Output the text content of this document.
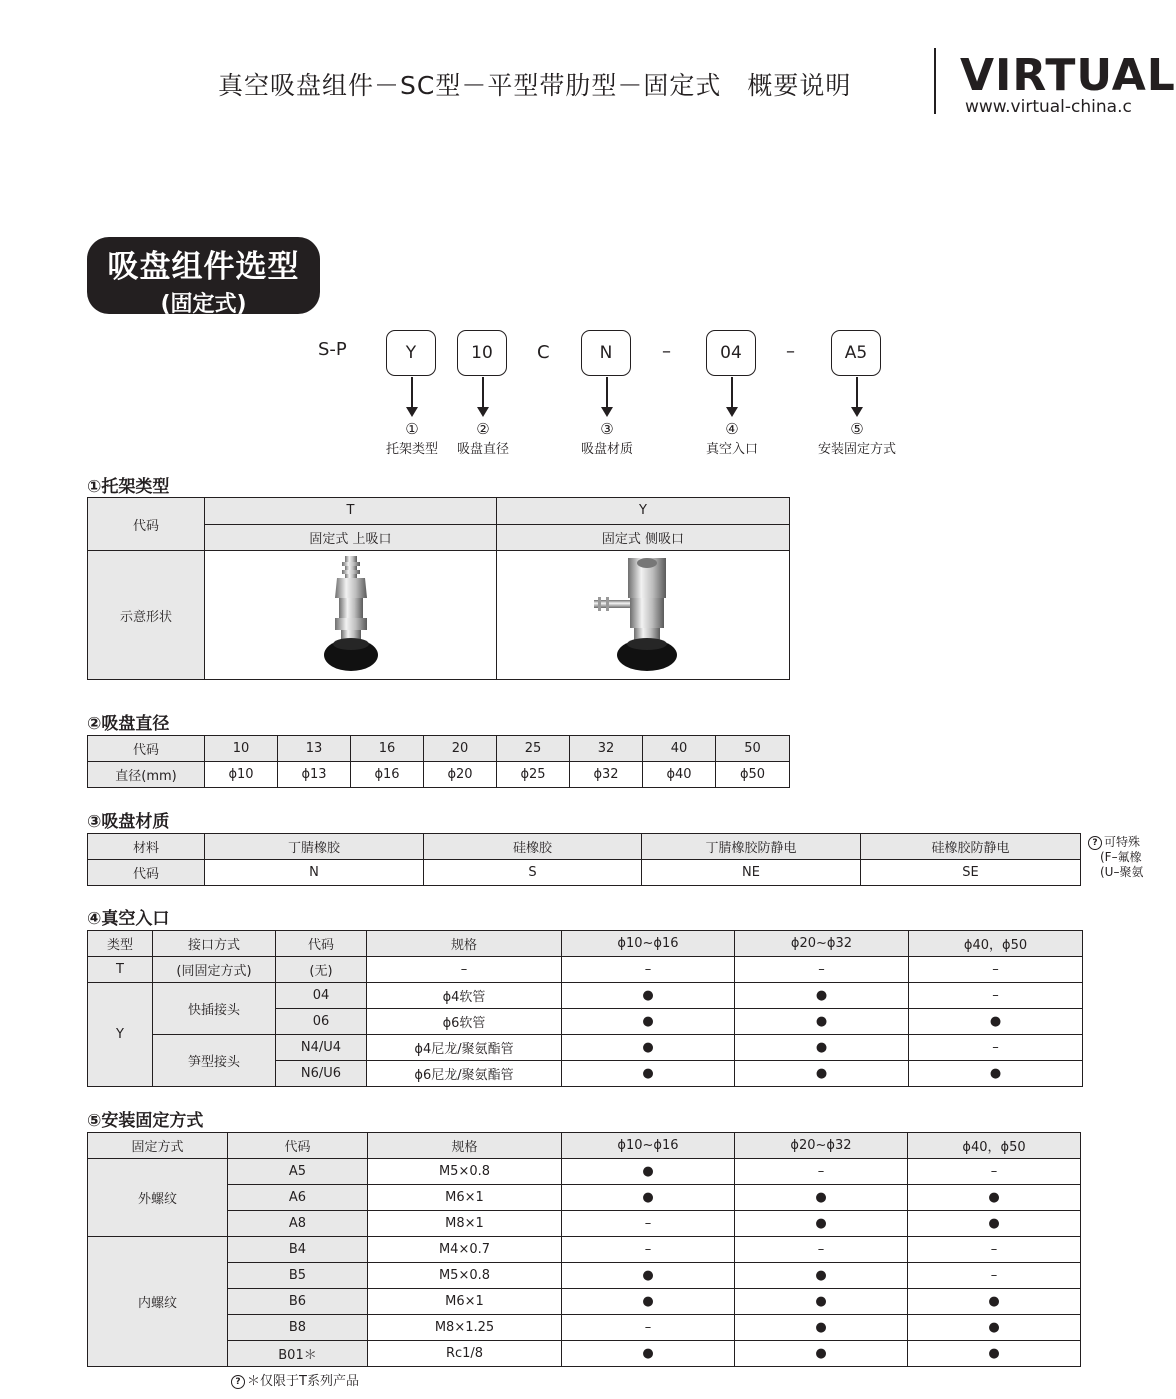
真空吸盘组件－SC型－平型带肋型－固定式　概要说明 VIRTUAL
www.virtual-china.c
吸盘组件选型
(固定式)
S-P	Y	10	C	N	–	04	–	A5
①	②	③	④	⑤
托架类型	吸盘直径	吸盘材质	真空入口	安装固定方式
①托架类型
代码	T	Y
	固定式 上吸口	固定式 侧吸口
示意形状		
②吸盘直径
代码	10	13	16	20	25	32	40	50
直径(mm)	ϕ10	ϕ13	ϕ16	ϕ20	ϕ25	ϕ32	ϕ40	ϕ50
③吸盘材质
材料	丁腈橡胶	硅橡胶	丁腈橡胶防静电	硅橡胶防静电
代码	N	S	NE	SE
? 可特殊
(F–氟橡
(U–聚氨
④真空入口
类型	接口方式	代码	规格	ϕ10~ϕ16	ϕ20~ϕ32	ϕ40，ϕ50
T	(同固定方式)	(无)	–	–	–	–
Y	快插接头	04	ϕ4软管	●	●	–
		06	ϕ6软管	●	●	●
	笋型接头	N4/U4	ϕ4尼龙/聚氨酯管	●	●	–
		N6/U6	ϕ6尼龙/聚氨酯管	●	●	●
⑤安装固定方式
固定方式	代码	规格	ϕ10~ϕ16	ϕ20~ϕ32	ϕ40，ϕ50
外螺纹	A5	M5×0.8	●	–	–
	A6	M6×1	●	●	●
	A8	M8×1	–	●	●
内螺纹	B4	M4×0.7	–	–	–
	B5	M5×0.8	●	●	–
	B6	M6×1	●	●	●
	B8	M8×1.25	–	●	●
	B01＊	Rc1/8	●	●	●
? ＊仅限于T系列产品
